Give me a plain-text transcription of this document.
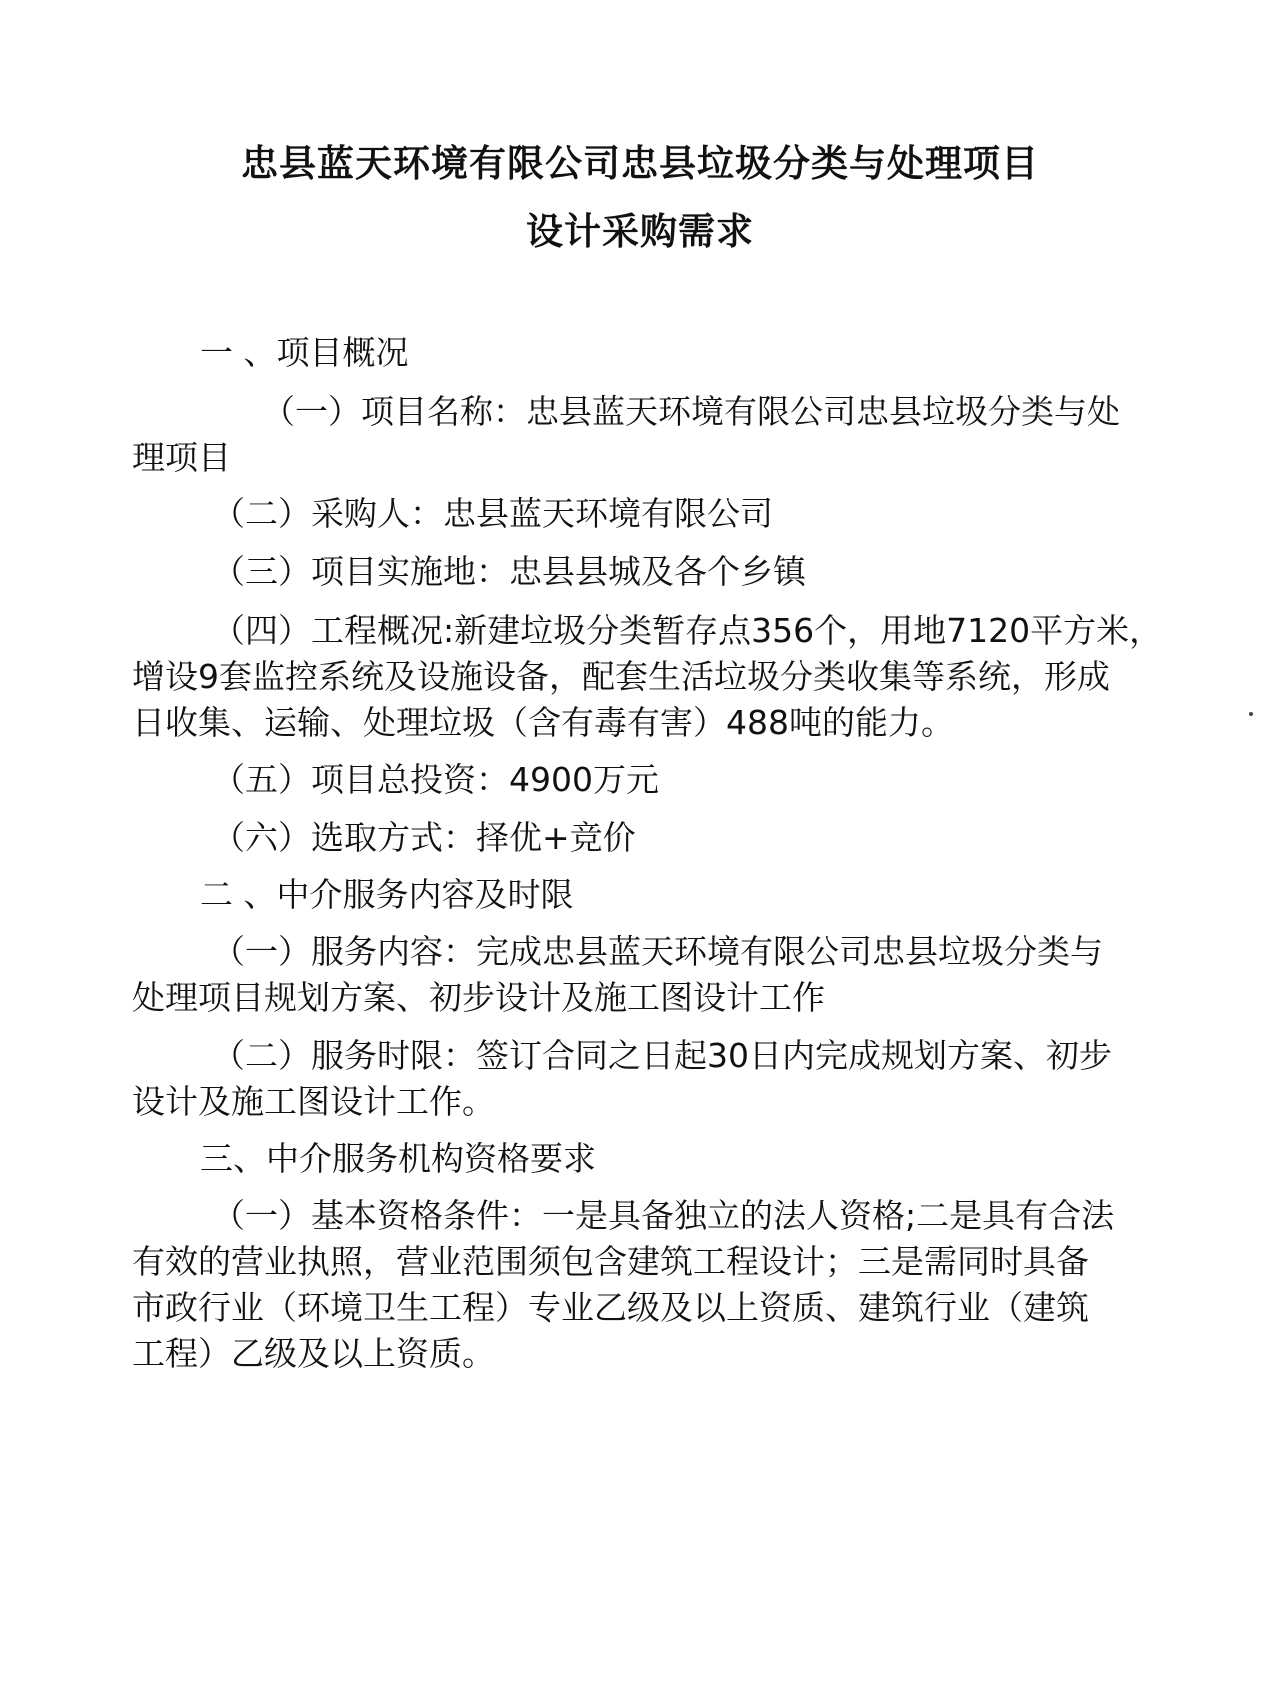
忠县蓝天环境有限公司忠县垃圾分类与处理项目
设计采购需求
一 、项目概况
（一）项目名称：忠县蓝天环境有限公司忠县垃圾分类与处
理项目
（二）采购人：忠县蓝天环境有限公司
（三）项目实施地：忠县县城及各个乡镇
（四）工程概况:新建垃圾分类暂存点356个，用地7120平方米，
增设9套监控系统及设施设备，配套生活垃圾分类收集等系统，形成
日收集、运输、处理垃圾（含有毒有害）488吨的能力。
（五）项目总投资：4900万元
（六）选取方式：择优+竞价
二 、中介服务内容及时限
（一）服务内容：完成忠县蓝天环境有限公司忠县垃圾分类与
处理项目规划方案、初步设计及施工图设计工作
（二）服务时限：签订合同之日起30日内完成规划方案、初步
设计及施工图设计工作。
三、中介服务机构资格要求
（一）基本资格条件：一是具备独立的法人资格;二是具有合法
有效的营业执照，营业范围须包含建筑工程设计；三是需同时具备
市政行业（环境卫生工程）专业乙级及以上资质、建筑行业（建筑
工程）乙级及以上资质。
